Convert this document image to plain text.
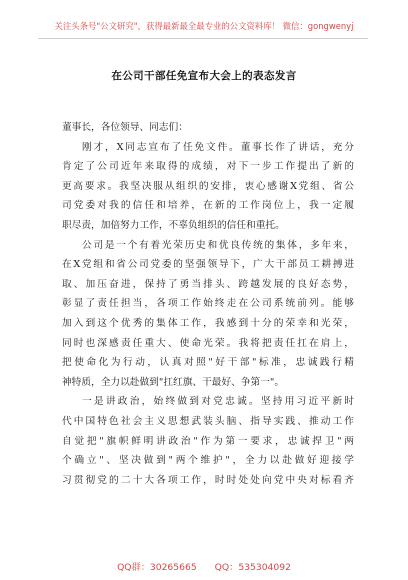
关注头条号"公文研究"，获得最新最全最专业的公文资料库！ 微信：gongwenyj
在公司干部任免宣布大会上的表态发言
董事长，各位领导、同志们：
刚才，X同志宣布了任免文件。董事长作了讲话，充分
肯定了公司近年来取得的成绩，对下一步工作提出了新的
更高要求。我坚决服从组织的安排，衷心感谢X党组、省公
司党委对我的信任和培养，在新的工作岗位上，我一定履
职尽责，加倍努力工作，不辜负组织的信任和重托。
公司是一个有着光荣历史和优良传统的集体，多年来，
在X党组和省公司党委的坚强领导下，广大干部员工耕搏进
取、加压奋进，保持了勇当排头、跨越发展的良好态势，
彰显了责任担当，各项工作始终走在公司系统前列。能够
加入到这个优秀的集体工作，我感到十分的荣幸和光荣，
同时也深感责任重大、使命光荣。我将把责任扛在肩上，
把使命化为行动，认真对照"好干部"标准，忠诚践行精
神特质，全力以赴做到"扛红旗、干最好、争第一"。
一是讲政治，始终做到对党忠诚。坚持用习近平新时
代中国特色社会主义思想武装头脑、指导实践、推动工作
自觉把"旗帜鲜明讲政治"作为第一要求，忠诚捍卫"两
个确立"、坚决做到"两个维护"，全力以赴做好迎接学
习贯彻党的二十大各项工作，时时处处向党中央对标看齐
QQ群：30265665 QQ：535304092
